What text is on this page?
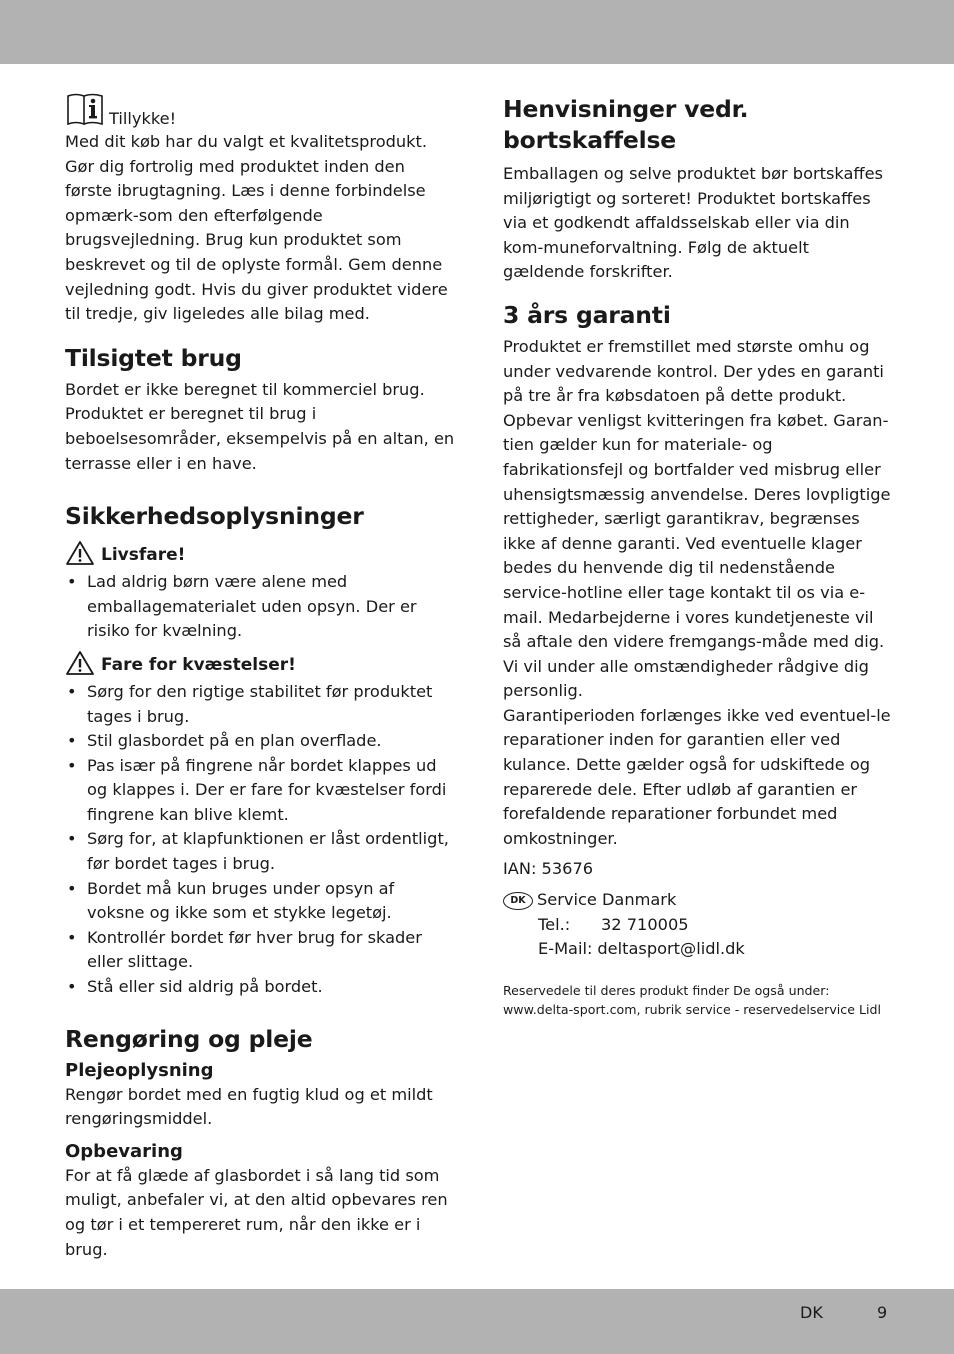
Tillykke!

Med dit køb har du valgt et kvalitetsprodukt. Gør dig fortrolig med produktet inden den første ibrugtagning. Læs i denne forbindelse opmærk-som den efterfølgende brugsvejledning. Brug kun produktet som beskrevet og til de oplyste formål. Gem denne vejledning godt. Hvis du giver produktet videre til tredje, giv ligeledes alle bilag med.

Tilsigtet brug

Bordet er ikke beregnet til kommerciel brug. Produktet er beregnet til brug i beboelsesområder, eksempelvis på en altan, en terrasse eller i en have.

Sikkerhedsoplysninger
Livsfare!
• Lad aldrig børn være alene med emballagematerialet uden opsyn. Der er risiko for kvælning.
Fare for kvæstelser!
• Sørg for den rigtige stabilitet før produktet tages i brug.
• Stil glasbordet på en plan overflade.
• Pas især på fingrene når bordet klappes ud og klappes i. Der er fare for kvæstelser fordi fingrene kan blive klemt.
• Sørg for, at klapfunktionen er låst ordentligt, før bordet tages i brug.
• Bordet må kun bruges under opsyn af voksne og ikke som et stykke legetøj.
• Kontrollér bordet før hver brug for skader eller slittage.
• Stå eller sid aldrig på bordet.
Rengøring og pleje
Plejeoplysning

Rengør bordet med en fugtig klud og et mildt rengøringsmiddel.

Opbevaring

For at få glæde af glasbordet i så lang tid som muligt, anbefaler vi, at den altid opbevares ren og tør i et tempereret rum, når den ikke er i brug.

Henvisninger vedr.
bortskaffelse

Emballagen og selve produktet bør bortskaffes miljørigtigt og sorteret! Produktet bortskaffes via et godkendt affaldsselskab eller via din kom-muneforvaltning. Følg de aktuelt gældende forskrifter.

3 års garanti

Produktet er fremstillet med største omhu og under vedvarende kontrol. Der ydes en garanti på tre år fra købsdatoen på dette produkt. Opbevar venligst kvitteringen fra købet. Garan-tien gælder kun for materiale- og fabrikationsfejl og bortfalder ved misbrug eller uhensigtsmæssig anvendelse. Deres lovpligtige rettigheder, særligt garantikrav, begrænses ikke af denne garanti. Ved eventuelle klager bedes du henvende dig til nedenstående service-hotline eller tage kontakt til os via e-mail. Medarbejderne i vores kundetjeneste vil så aftale den videre fremgangs-måde med dig. Vi vil under alle omstændigheder rådgive dig personlig.

Garantiperioden forlænges ikke ved eventuel-le reparationer inden for garantien eller ved kulance. Dette gælder også for udskiftede og reparerede dele. Efter udløb af garantien er forefaldende reparationer forbundet med omkostninger.

IAN: 53676

DK Service Danmark

Tel.:	32 710005

E-Mail: deltasport@lidl.dk

Reservedele til deres produkt finder De også under:

www.delta-sport.com, rubrik service - reservedelservice Lidl

DK	9
